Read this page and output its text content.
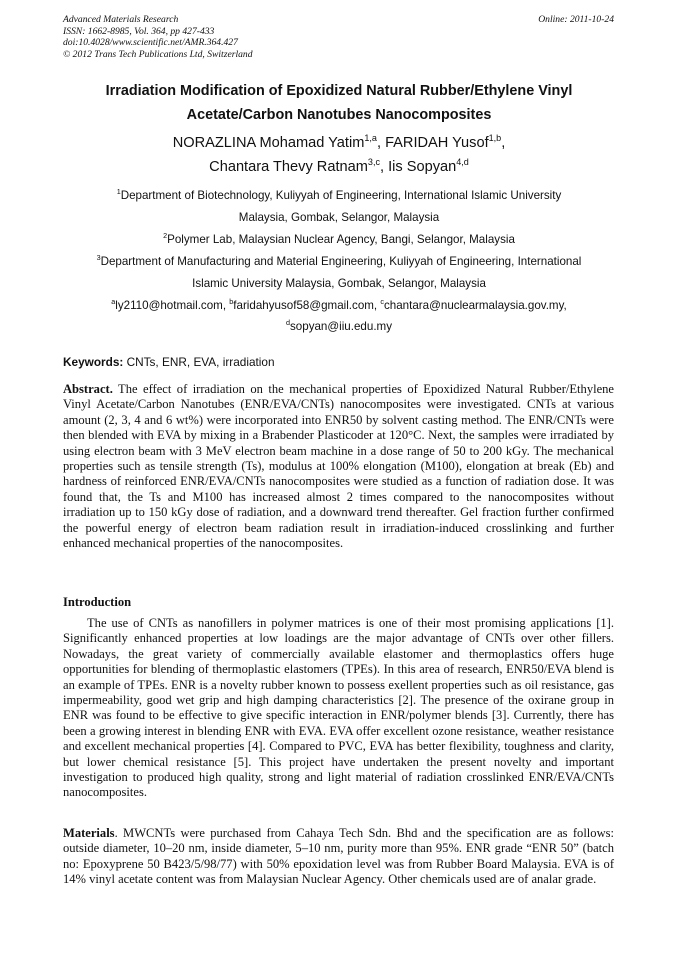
Advanced Materials Research
ISSN: 1662-8985, Vol. 364, pp 427-433
doi:10.4028/www.scientific.net/AMR.364.427
© 2012 Trans Tech Publications Ltd, Switzerland
Online: 2011-10-24
Irradiation Modification of Epoxidized Natural Rubber/Ethylene Vinyl
Acetate/Carbon Nanotubes Nanocomposites
NORAZLINA Mohamad Yatim$^{1,a}$, FARIDAH Yusof$^{1,b}$,
Chantara Thevy Ratnam$^{3,c}$, Iis Sopyan$^{4,d}$
$^1$Department of Biotechnology, Kuliyyah of Engineering, International Islamic University
Malaysia, Gombak, Selangor, Malaysia
$^2$Polymer Lab, Malaysian Nuclear Agency, Bangi, Selangor, Malaysia
$^3$Department of Manufacturing and Material Engineering, Kuliyyah of Engineering, International
Islamic University Malaysia, Gombak, Selangor, Malaysia
$^a$ly2110@hotmail.com, $^b$faridahyusof58@gmail.com, $^c$chantara@nuclearmalaysia.gov.my,
$^d$sopyan@iiu.edu.my
Keywords: CNTs, ENR, EVA, irradiation

Abstract. The effect of irradiation on the mechanical properties of Epoxidized Natural Rubber/Ethylene Vinyl Acetate/Carbon Nanotubes (ENR/EVA/CNTs) nanocomposites were investigated. CNTs at various amount (2, 3, 4 and 6 wt%) were incorporated into ENR50 by solvent casting method. The ENR/CNTs were then blended with EVA by mixing in a Brabender Plasticoder at 120°C. Next, the samples were irradiated by using electron beam with 3 MeV electron beam machine in a dose range of 50 to 200 kGy. The mechanical properties such as tensile strength (Ts), modulus at 100% elongation (M100), elongation at break (Eb) and hardness of reinforced ENR/EVA/CNTs nanocomposites were studied as a function of radiation dose. It was found that, the Ts and M100 has increased almost 2 times compared to the nanocomposites without irradiation up to 150 kGy dose of radiation, and a downward trend thereafter. Gel fraction further confirmed the powerful energy of electron beam radiation result in irradiation-induced crosslinking and further enhanced mechanical properties of the nanocomposites.

Introduction

The use of CNTs as nanofillers in polymer matrices is one of their most promising applications [1]. Significantly enhanced properties at low loadings are the major advantage of CNTs over other fillers. Nowadays, the great variety of commercially available elastomer and thermoplastics offers huge opportunities for blending of thermoplastic elastomers (TPEs). In this area of research, ENR50/EVA blend is an example of TPEs. ENR is a novelty rubber known to possess exellent properties such as oil resistance, gas impermeability, good wet grip and high damping characteristics [2]. The presence of the oxirane group in ENR was found to be effective to give specific interaction in ENR/polymer blends [3]. Currently, there has been a growing interest in blending ENR with EVA. EVA offer excellent ozone resistance, weather resistance and excellent mechanical properties [4]. Compared to PVC, EVA has better flexibility, toughness and clarity, but lower chemical resistance [5]. This project have undertaken the present novelty and important investigation to produced high quality, strong and light material of radiation crosslinked ENR/EVA/CNTs nanocomposites.

Materials. MWCNTs were purchased from Cahaya Tech Sdn. Bhd and the specification are as follows: outside diameter, 10–20 nm, inside diameter, 5–10 nm, purity more than 95%. ENR grade “ENR 50” (batch no: Epoxyprene 50 B423/5/98/77) with 50% epoxidation level was from Rubber Board Malaysia. EVA is of 14% vinyl acetate content was from Malaysian Nuclear Agency. Other chemicals used are of analar grade.
